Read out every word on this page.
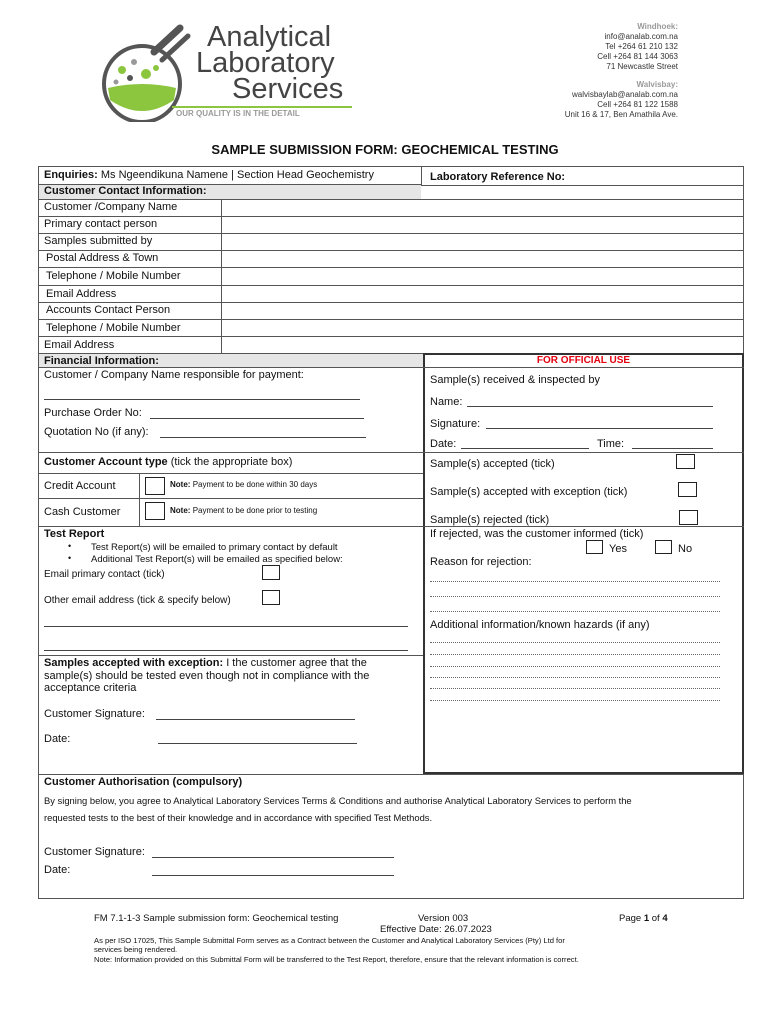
Analytical
Laboratory
Services
OUR QUALITY IS IN THE DETAIL
Windhoek:
info@analab.com.na
Tel +264 61 210 132
Cell +264 81 144 3063
71 Newcastle Street
Walvisbay:
walvisbaylab@analab.com.na
Cell +264 81 122 1588
Unit 16 & 17, Ben Amathila Ave.
SAMPLE SUBMISSION FORM: GEOCHEMICAL TESTING
Enquiries: Ms Ngeendikuna Namene | Section Head Geochemistry	Laboratory Reference No:
Customer Contact Information:
Customer /Company Name
Primary contact person
Samples submitted by
Postal Address & Town
Telephone / Mobile Number
Email Address
Accounts Contact Person
Telephone / Mobile Number
Email Address
Financial Information:
Customer / Company Name responsible for payment:
Purchase Order No:
Quotation No (if any):
Customer Account type (tick the appropriate box)
Credit Account	Note: Payment to be done within 30 days
Cash Customer	Note: Payment to be done prior to testing
Test Report
• Test Report(s) will be emailed to primary contact by default
• Additional Test Report(s) will be emailed as specified below:
Email primary contact (tick)
Other email address (tick & specify below)
Samples accepted with exception: I the customer agree that the
sample(s) should be tested even though not in compliance with the
acceptance criteria
Customer Signature:
Date:
FOR OFFICIAL USE
Sample(s) received & inspected by
Name:
Signature:
Date:	Time:
Sample(s) accepted (tick)
Sample(s) accepted with exception (tick)
Sample(s) rejected (tick)
If rejected, was the customer informed (tick)
Yes	No
Reason for rejection:
Additional information/known hazards (if any)
Customer Authorisation (compulsory)
By signing below, you agree to Analytical Laboratory Services Terms & Conditions and authorise Analytical Laboratory Services to perform the
requested tests to the best of their knowledge and in accordance with specified Test Methods.
Customer Signature:
Date:
FM 7.1-1-3 Sample submission form: Geochemical testing	Version 003	Page 1 of 4
Effective Date: 26.07.2023
As per ISO 17025, This Sample Submittal Form serves as a Contract between the Customer and Analytical Laboratory Services (Pty) Ltd for
services being rendered.
Note: Information provided on this Submittal Form will be transferred to the Test Report, therefore, ensure that the relevant information is correct.
